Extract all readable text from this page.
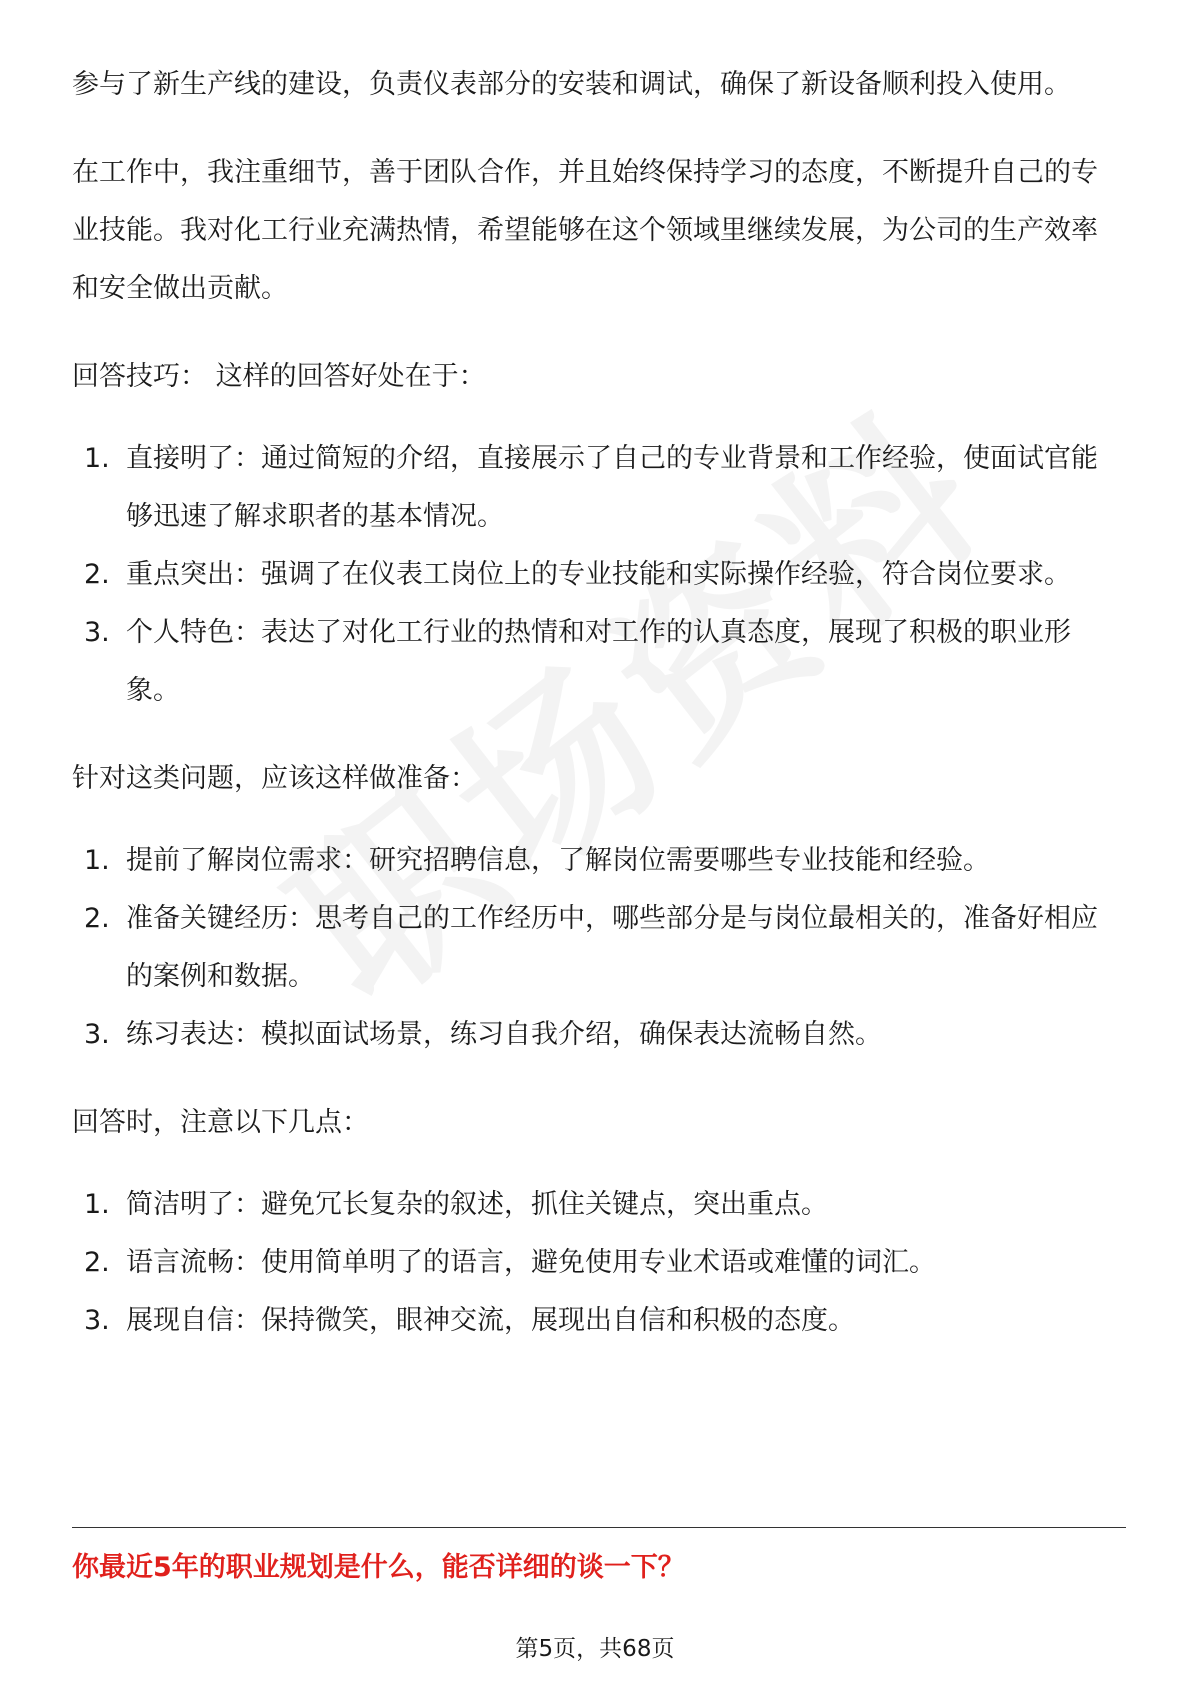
参与了新生产线的建设，负责仪表部分的安装和调试，确保了新设备顺利投入使用。

在工作中，我注重细节，善于团队合作，并且始终保持学习的态度，不断提升自己的专业技能。我对化工行业充满热情，希望能够在这个领域里继续发展，为公司的生产效率和安全做出贡献。

回答技巧： 这样的回答好处在于：

1. 直接明了：通过简短的介绍，直接展示了自己的专业背景和工作经验，使面试官能够迅速了解求职者的基本情况。
2. 重点突出：强调了在仪表工岗位上的专业技能和实际操作经验，符合岗位要求。
3. 个人特色：表达了对化工行业的热情和对工作的认真态度，展现了积极的职业形象。

针对这类问题，应该这样做准备：

1. 提前了解岗位需求：研究招聘信息，了解岗位需要哪些专业技能和经验。
2. 准备关键经历：思考自己的工作经历中，哪些部分是与岗位最相关的，准备好相应的案例和数据。
3. 练习表达：模拟面试场景，练习自我介绍，确保表达流畅自然。

回答时，注意以下几点：

1. 简洁明了：避免冗长复杂的叙述，抓住关键点，突出重点。
2. 语言流畅：使用简单明了的语言，避免使用专业术语或难懂的词汇。
3. 展现自信：保持微笑，眼神交流，展现出自信和积极的态度。
你最近5年的职业规划是什么，能否详细的谈一下？
第5页，共68页
